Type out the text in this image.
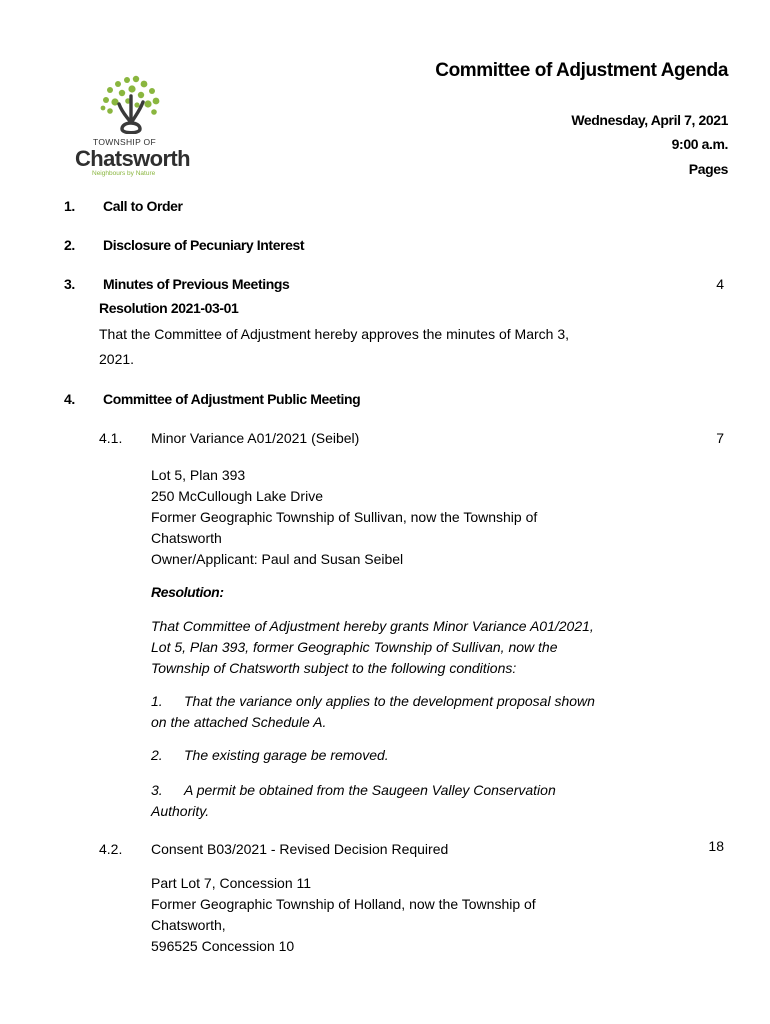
TOWNSHIP OF
Chatsworth
Neighbours by Nature
Committee of Adjustment Agenda
Wednesday, April 7, 2021
9:00 a.m.
Pages
1. Call to Order
2. Disclosure of Pecuniary Interest
3. Minutes of Previous Meetings	4
Resolution 2021-03-01
That the Committee of Adjustment hereby approves the minutes of March 3,
2021.
4. Committee of Adjustment Public Meeting
4.1. Minor Variance A01/2021 (Seibel)	7
Lot 5, Plan 393
250 McCullough Lake Drive
Former Geographic Township of Sullivan, now the Township of
Chatsworth
Owner/Applicant: Paul and Susan Seibel
Resolution:
That Committee of Adjustment hereby grants Minor Variance A01/2021,
Lot 5, Plan 393, former Geographic Township of Sullivan, now the
Township of Chatsworth subject to the following conditions:
1. That the variance only applies to the development proposal shown
on the attached Schedule A.
2. The existing garage be removed.
3. A permit be obtained from the Saugeen Valley Conservation
Authority.
4.2. Consent B03/2021 - Revised Decision Required	18
Part Lot 7, Concession 11
Former Geographic Township of Holland, now the Township of
Chatsworth,
596525 Concession 10
